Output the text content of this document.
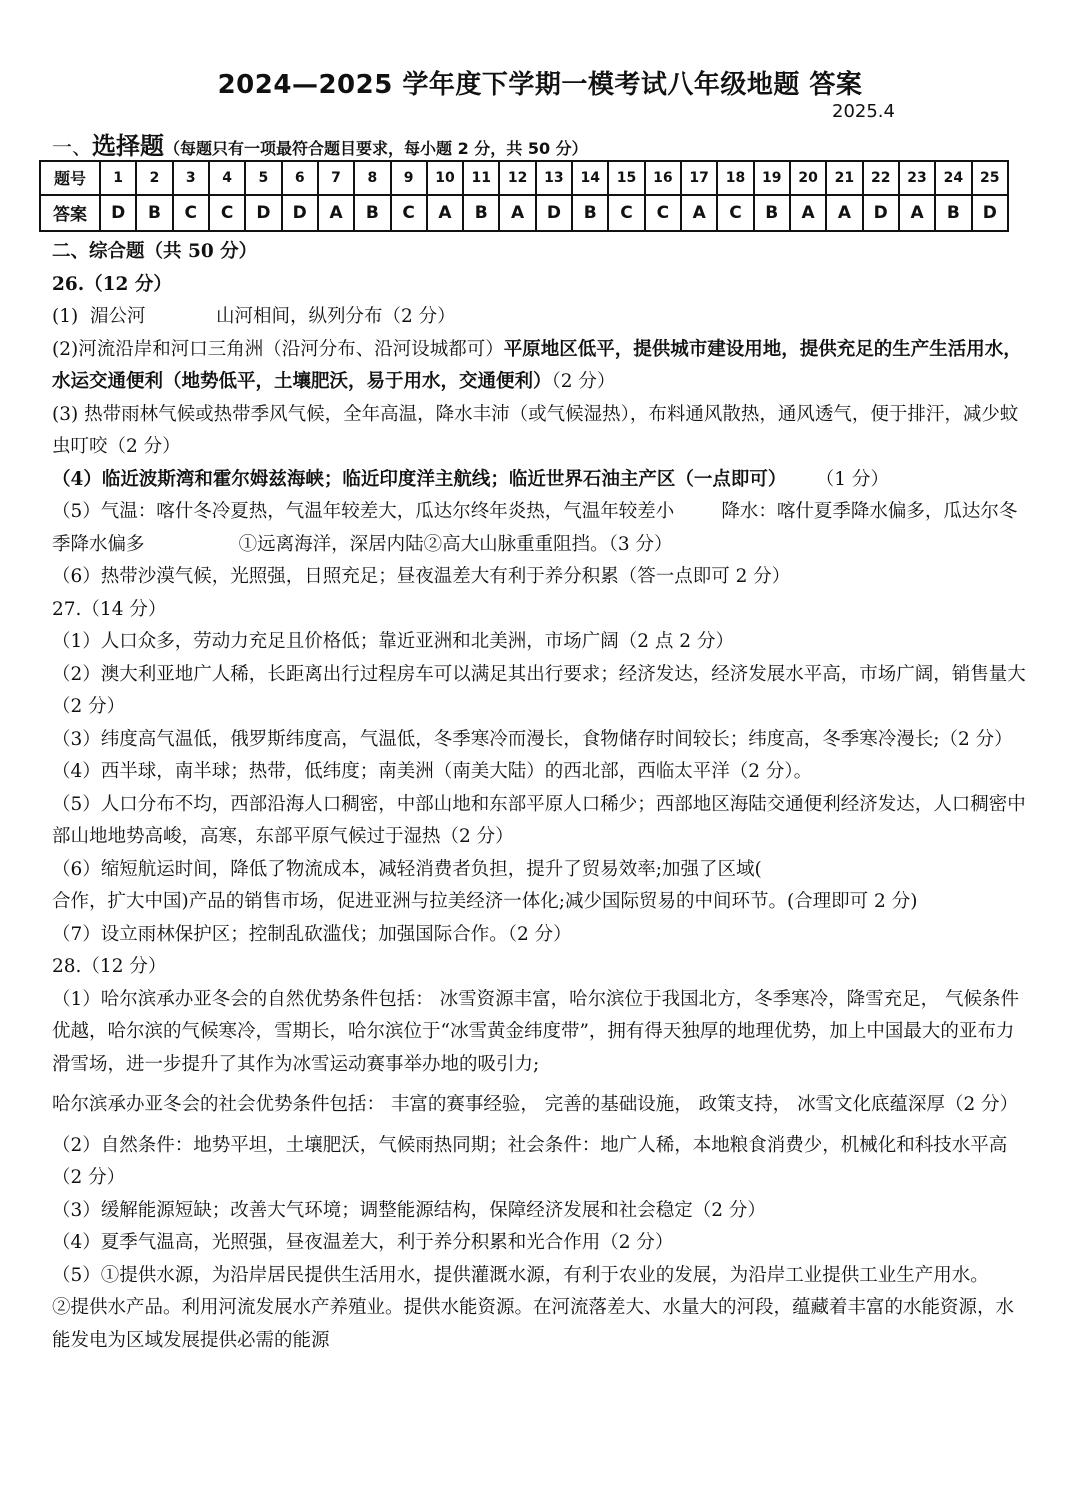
2024—2025 学年度下学期一模考试八年级地题 答案
2025.4
一、选择题（每题只有一项最符合题目要求，每小题 2 分，共 50 分）
题号	1	2	3	4	5	6	7	8	9	10	11	12	13	14	15	16	17	18	19	20	21	22	23	24	25
答案	D	B	C	C	D	D	A	B	C	A	B	A	D	B	C	C	A	C	B	A	A	D	A	B	D

二、综合题（共 50 分）

26.（12 分）

(1)  湄公河            山河相间，纵列分布（2 分）

(2)河流沿岸和河口三角洲（沿河分布、沿河设城都可）平原地区低平，提供城市建设用地，提供充足的生产生活用水，水运交通便利（地势低平，土壤肥沃，易于用水，交通便利）（2 分）

(3) 热带雨林气候或热带季风气候，全年高温，降水丰沛（或气候湿热），布料通风散热，通风透气，便于排汗，减少蚊虫叮咬（2 分）

（4）临近波斯湾和霍尔姆兹海峡；临近印度洋主航线；临近世界石油主产区（一点即可）     （1 分）

（5）气温：喀什冬冷夏热，气温年较差大，瓜达尔终年炎热，气温年较差小        降水：喀什夏季降水偏多，瓜达尔冬季降水偏多                ①远离海洋，深居内陆②高大山脉重重阻挡。（3 分）

（6）热带沙漠气候，光照强，日照充足；昼夜温差大有利于养分积累（答一点即可 2 分）

27.（14 分）

（1）人口众多，劳动力充足且价格低；靠近亚洲和北美洲，市场广阔（2 点 2 分）

（2）澳大利亚地广人稀，长距离出行过程房车可以满足其出行要求；经济发达，经济发展水平高，市场广阔，销售量大（2 分）

（3）纬度高气温低，俄罗斯纬度高，气温低，冬季寒冷而漫长，食物储存时间较长；纬度高，冬季寒冷漫长;（2 分）

（4）西半球，南半球；热带，低纬度；南美洲（南美大陆）的西北部，西临太平洋（2 分）。

（5）人口分布不均，西部沿海人口稠密，中部山地和东部平原人口稀少；西部地区海陆交通便利经济发达，人口稠密中部山地地势高峻，高寒，东部平原气候过于湿热（2 分）

（6）缩短航运时间，降低了物流成本，减轻消费者负担，提升了贸易效率;加强了区域(

合作，扩大中国)产品的销售市场，促进亚洲与拉美经济一体化;减少国际贸易的中间环节。(合理即可 2 分)

（7）设立雨林保护区；控制乱砍滥伐；加强国际合作。（2 分）

28.（12 分）

（1）哈尔滨承办亚冬会的自然优势条件包括： 冰雪资源丰富，哈尔滨位于我国北方，冬季寒冷，降雪充足， 气候条件优越，哈尔滨的气候寒冷，雪期长，哈尔滨位于“冰雪黄金纬度带”，拥有得天独厚的地理优势，加上中国最大的亚布力滑雪场，进一步提升了其作为冰雪运动赛事举办地的吸引力;

哈尔滨承办亚冬会的社会优势条件包括： 丰富的赛事经验， 完善的基础设施， 政策支持， 冰雪文化底蕴深厚（2 分）

（2）自然条件：地势平坦，土壤肥沃，气候雨热同期；社会条件：地广人稀，本地粮食消费少，机械化和科技水平高（2 分）

（3）缓解能源短缺；改善大气环境；调整能源结构，保障经济发展和社会稳定（2 分）

（4）夏季气温高，光照强，昼夜温差大，利于养分积累和光合作用（2 分）

（5）①提供水源，为沿岸居民提供生活用水，提供灌溉水源，有利于农业的发展，为沿岸工业提供工业生产用水。

②提供水产品。利用河流发展水产养殖业。提供水能资源。在河流落差大、水量大的河段，蕴藏着丰富的水能资源，水能发电为区域发展提供必需的能源
